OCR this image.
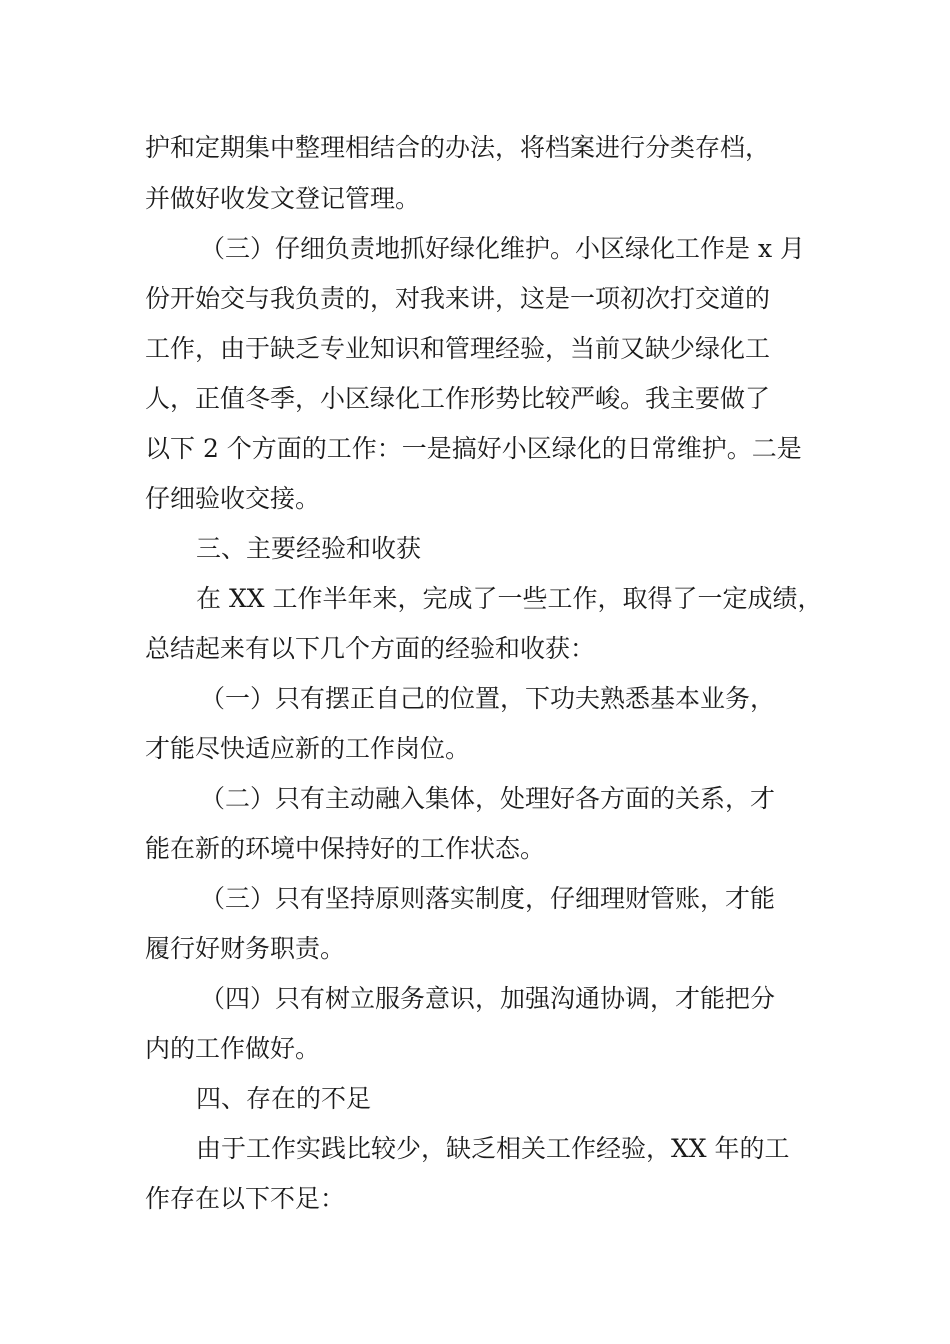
护和定期集中整理相结合的办法，将档案进行分类存档，
并做好收发文登记管理。
（三）仔细负责地抓好绿化维护。小区绿化工作是 x 月
份开始交与我负责的，对我来讲，这是一项初次打交道的
工作，由于缺乏专业知识和管理经验，当前又缺少绿化工
人，正值冬季，小区绿化工作形势比较严峻。我主要做了
以下 2 个方面的工作：一是搞好小区绿化的日常维护。二是
仔细验收交接。
三、主要经验和收获
在 XX 工作半年来，完成了一些工作，取得了一定成绩，
总结起来有以下几个方面的经验和收获：
（一）只有摆正自己的位置，下功夫熟悉基本业务，
才能尽快适应新的工作岗位。
（二）只有主动融入集体，处理好各方面的关系，才
能在新的环境中保持好的工作状态。
（三）只有坚持原则落实制度，仔细理财管账，才能
履行好财务职责。
（四）只有树立服务意识，加强沟通协调，才能把分
内的工作做好。
四、存在的不足
由于工作实践比较少，缺乏相关工作经验，XX 年的工
作存在以下不足：
